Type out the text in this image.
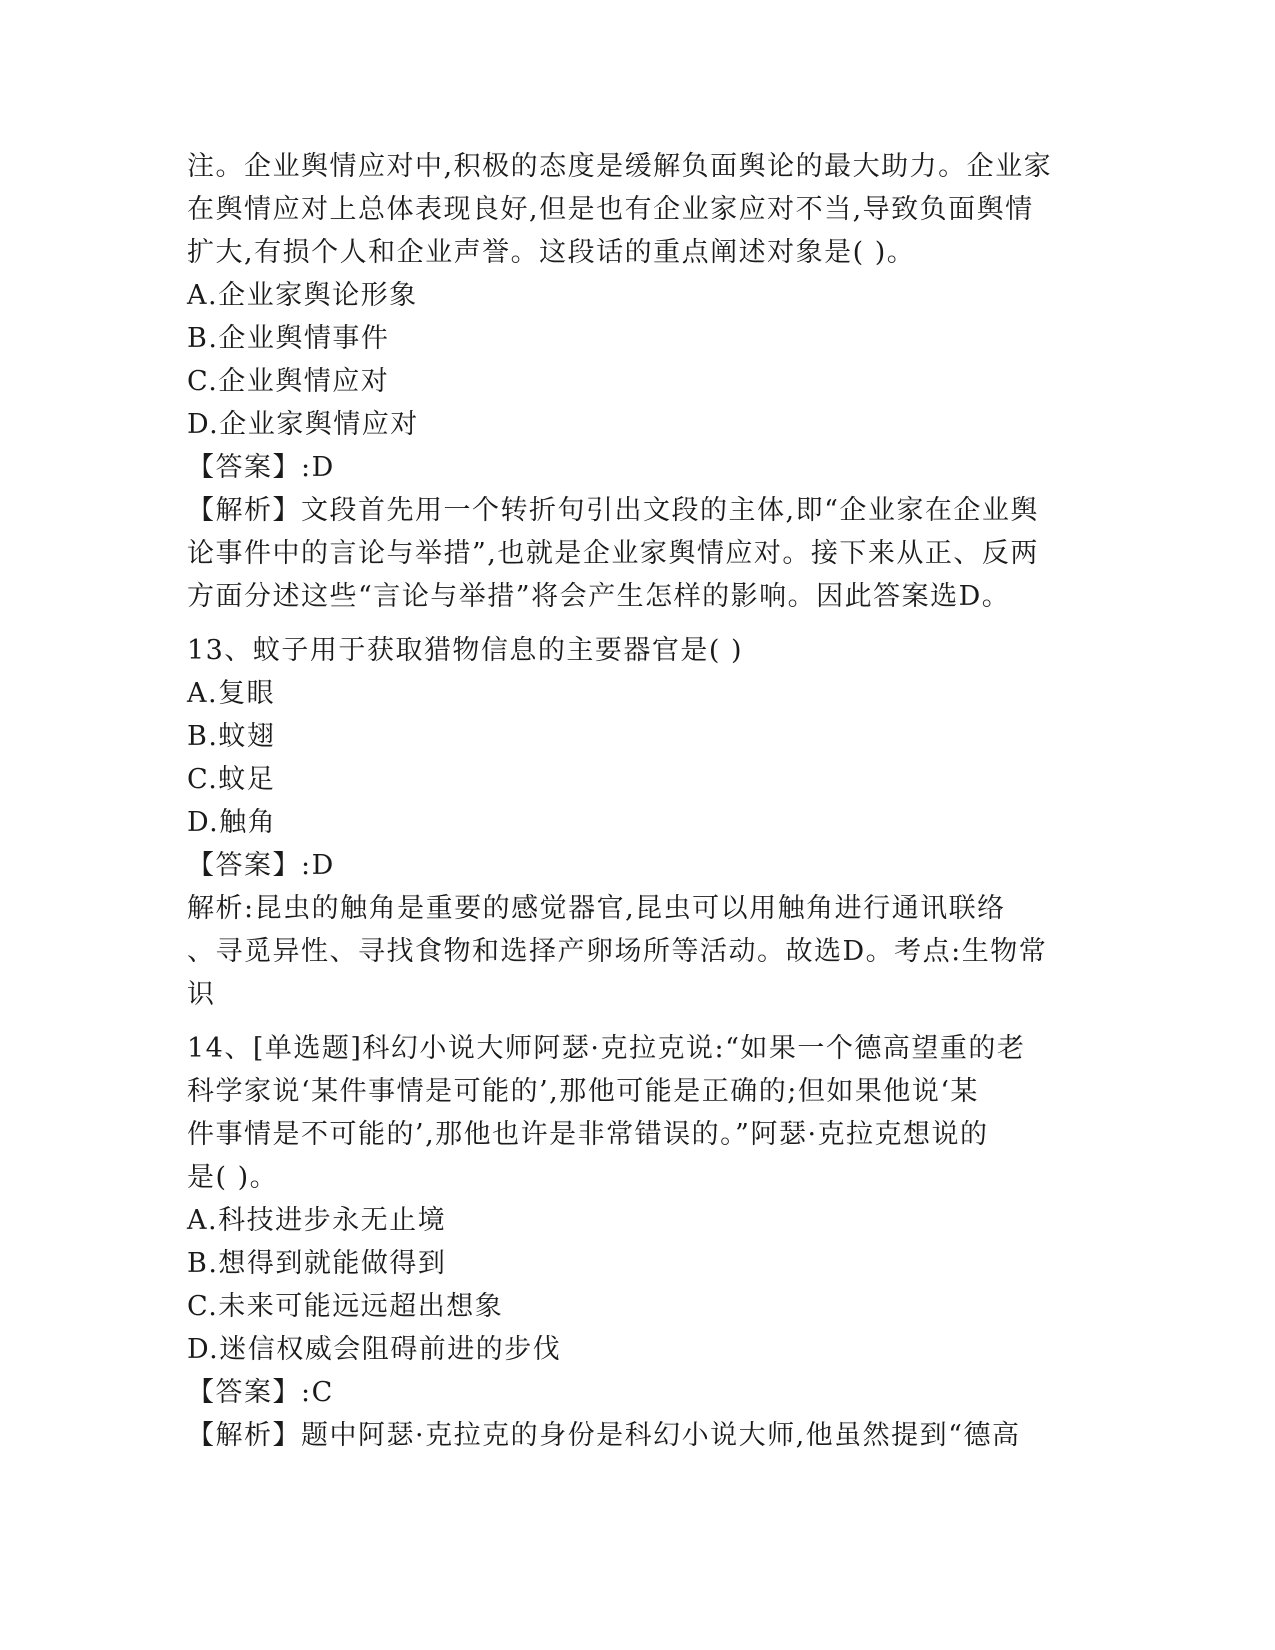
注。企业舆情应对中,积极的态度是缓解负面舆论的最大助力。企业家
在舆情应对上总体表现良好,但是也有企业家应对不当,导致负面舆情
扩大,有损个人和企业声誉。这段话的重点阐述对象是( )。
A.企业家舆论形象
B.企业舆情事件
C.企业舆情应对
D.企业家舆情应对
【答案】:D
【解析】文段首先用一个转折句引出文段的主体,即“企业家在企业舆
论事件中的言论与举措”,也就是企业家舆情应对。接下来从正、反两
方面分述这些“言论与举措”将会产生怎样的影响。因此答案选D。
13、蚊子用于获取猎物信息的主要器官是( )
A.复眼
B.蚊翅
C.蚊足
D.触角
【答案】:D
解析:昆虫的触角是重要的感觉器官,昆虫可以用触角进行通讯联络
、寻觅异性、寻找食物和选择产卵场所等活动。故选D。考点:生物常
识
14、[单选题]科幻小说大师阿瑟·克拉克说:“如果一个德高望重的老
科学家说‘某件事情是可能的’,那他可能是正确的;但如果他说‘某
件事情是不可能的’,那他也许是非常错误的。”阿瑟·克拉克想说的
是( )。
A.科技进步永无止境
B.想得到就能做得到
C.未来可能远远超出想象
D.迷信权威会阻碍前进的步伐
【答案】:C
【解析】题中阿瑟·克拉克的身份是科幻小说大师,他虽然提到“德高
